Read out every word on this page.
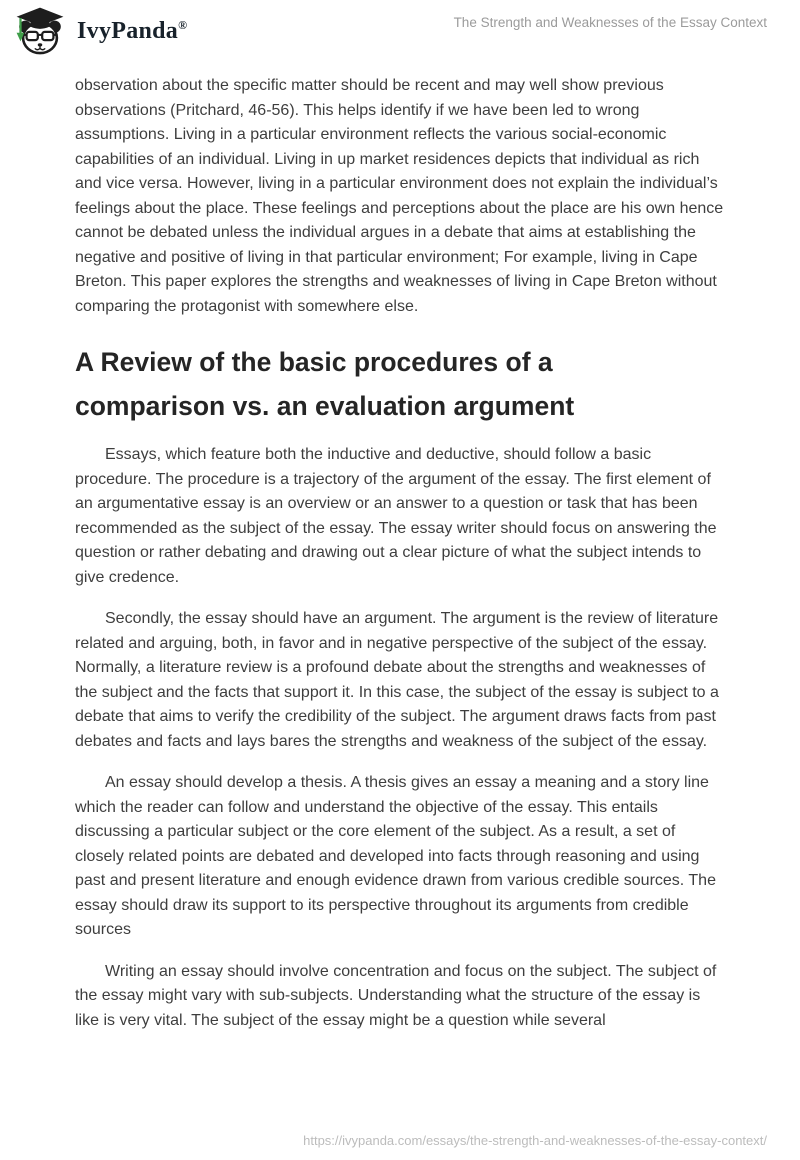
IvyPanda®	The Strength and Weaknesses of the Essay Context

observation about the specific matter should be recent and may well show previous observations (Pritchard, 46-56). This helps identify if we have been led to wrong assumptions. Living in a particular environment reflects the various social-economic capabilities of an individual. Living in up market residences depicts that individual as rich and vice versa. However, living in a particular environment does not explain the individual’s feelings about the place. These feelings and perceptions about the place are his own hence cannot be debated unless the individual argues in a debate that aims at establishing the negative and positive of living in that particular environment; For example, living in Cape Breton. This paper explores the strengths and weaknesses of living in Cape Breton without comparing the protagonist with somewhere else.

A Review of the basic procedures of a comparison vs. an evaluation argument

Essays, which feature both the inductive and deductive, should follow a basic procedure. The procedure is a trajectory of the argument of the essay. The first element of an argumentative essay is an overview or an answer to a question or task that has been recommended as the subject of the essay. The essay writer should focus on answering the question or rather debating and drawing out a clear picture of what the subject intends to give credence.

Secondly, the essay should have an argument. The argument is the review of literature related and arguing, both, in favor and in negative perspective of the subject of the essay. Normally, a literature review is a profound debate about the strengths and weaknesses of the subject and the facts that support it. In this case, the subject of the essay is subject to a debate that aims to verify the credibility of the subject. The argument draws facts from past debates and facts and lays bares the strengths and weakness of the subject of the essay.

An essay should develop a thesis. A thesis gives an essay a meaning and a story line which the reader can follow and understand the objective of the essay. This entails discussing a particular subject or the core element of the subject. As a result, a set of closely related points are debated and developed into facts through reasoning and using past and present literature and enough evidence drawn from various credible sources. The essay should draw its support to its perspective throughout its arguments from credible sources

Writing an essay should involve concentration and focus on the subject. The subject of the essay might vary with sub-subjects. Understanding what the structure of the essay is like is very vital. The subject of the essay might be a question while several

https://ivypanda.com/essays/the-strength-and-weaknesses-of-the-essay-context/
